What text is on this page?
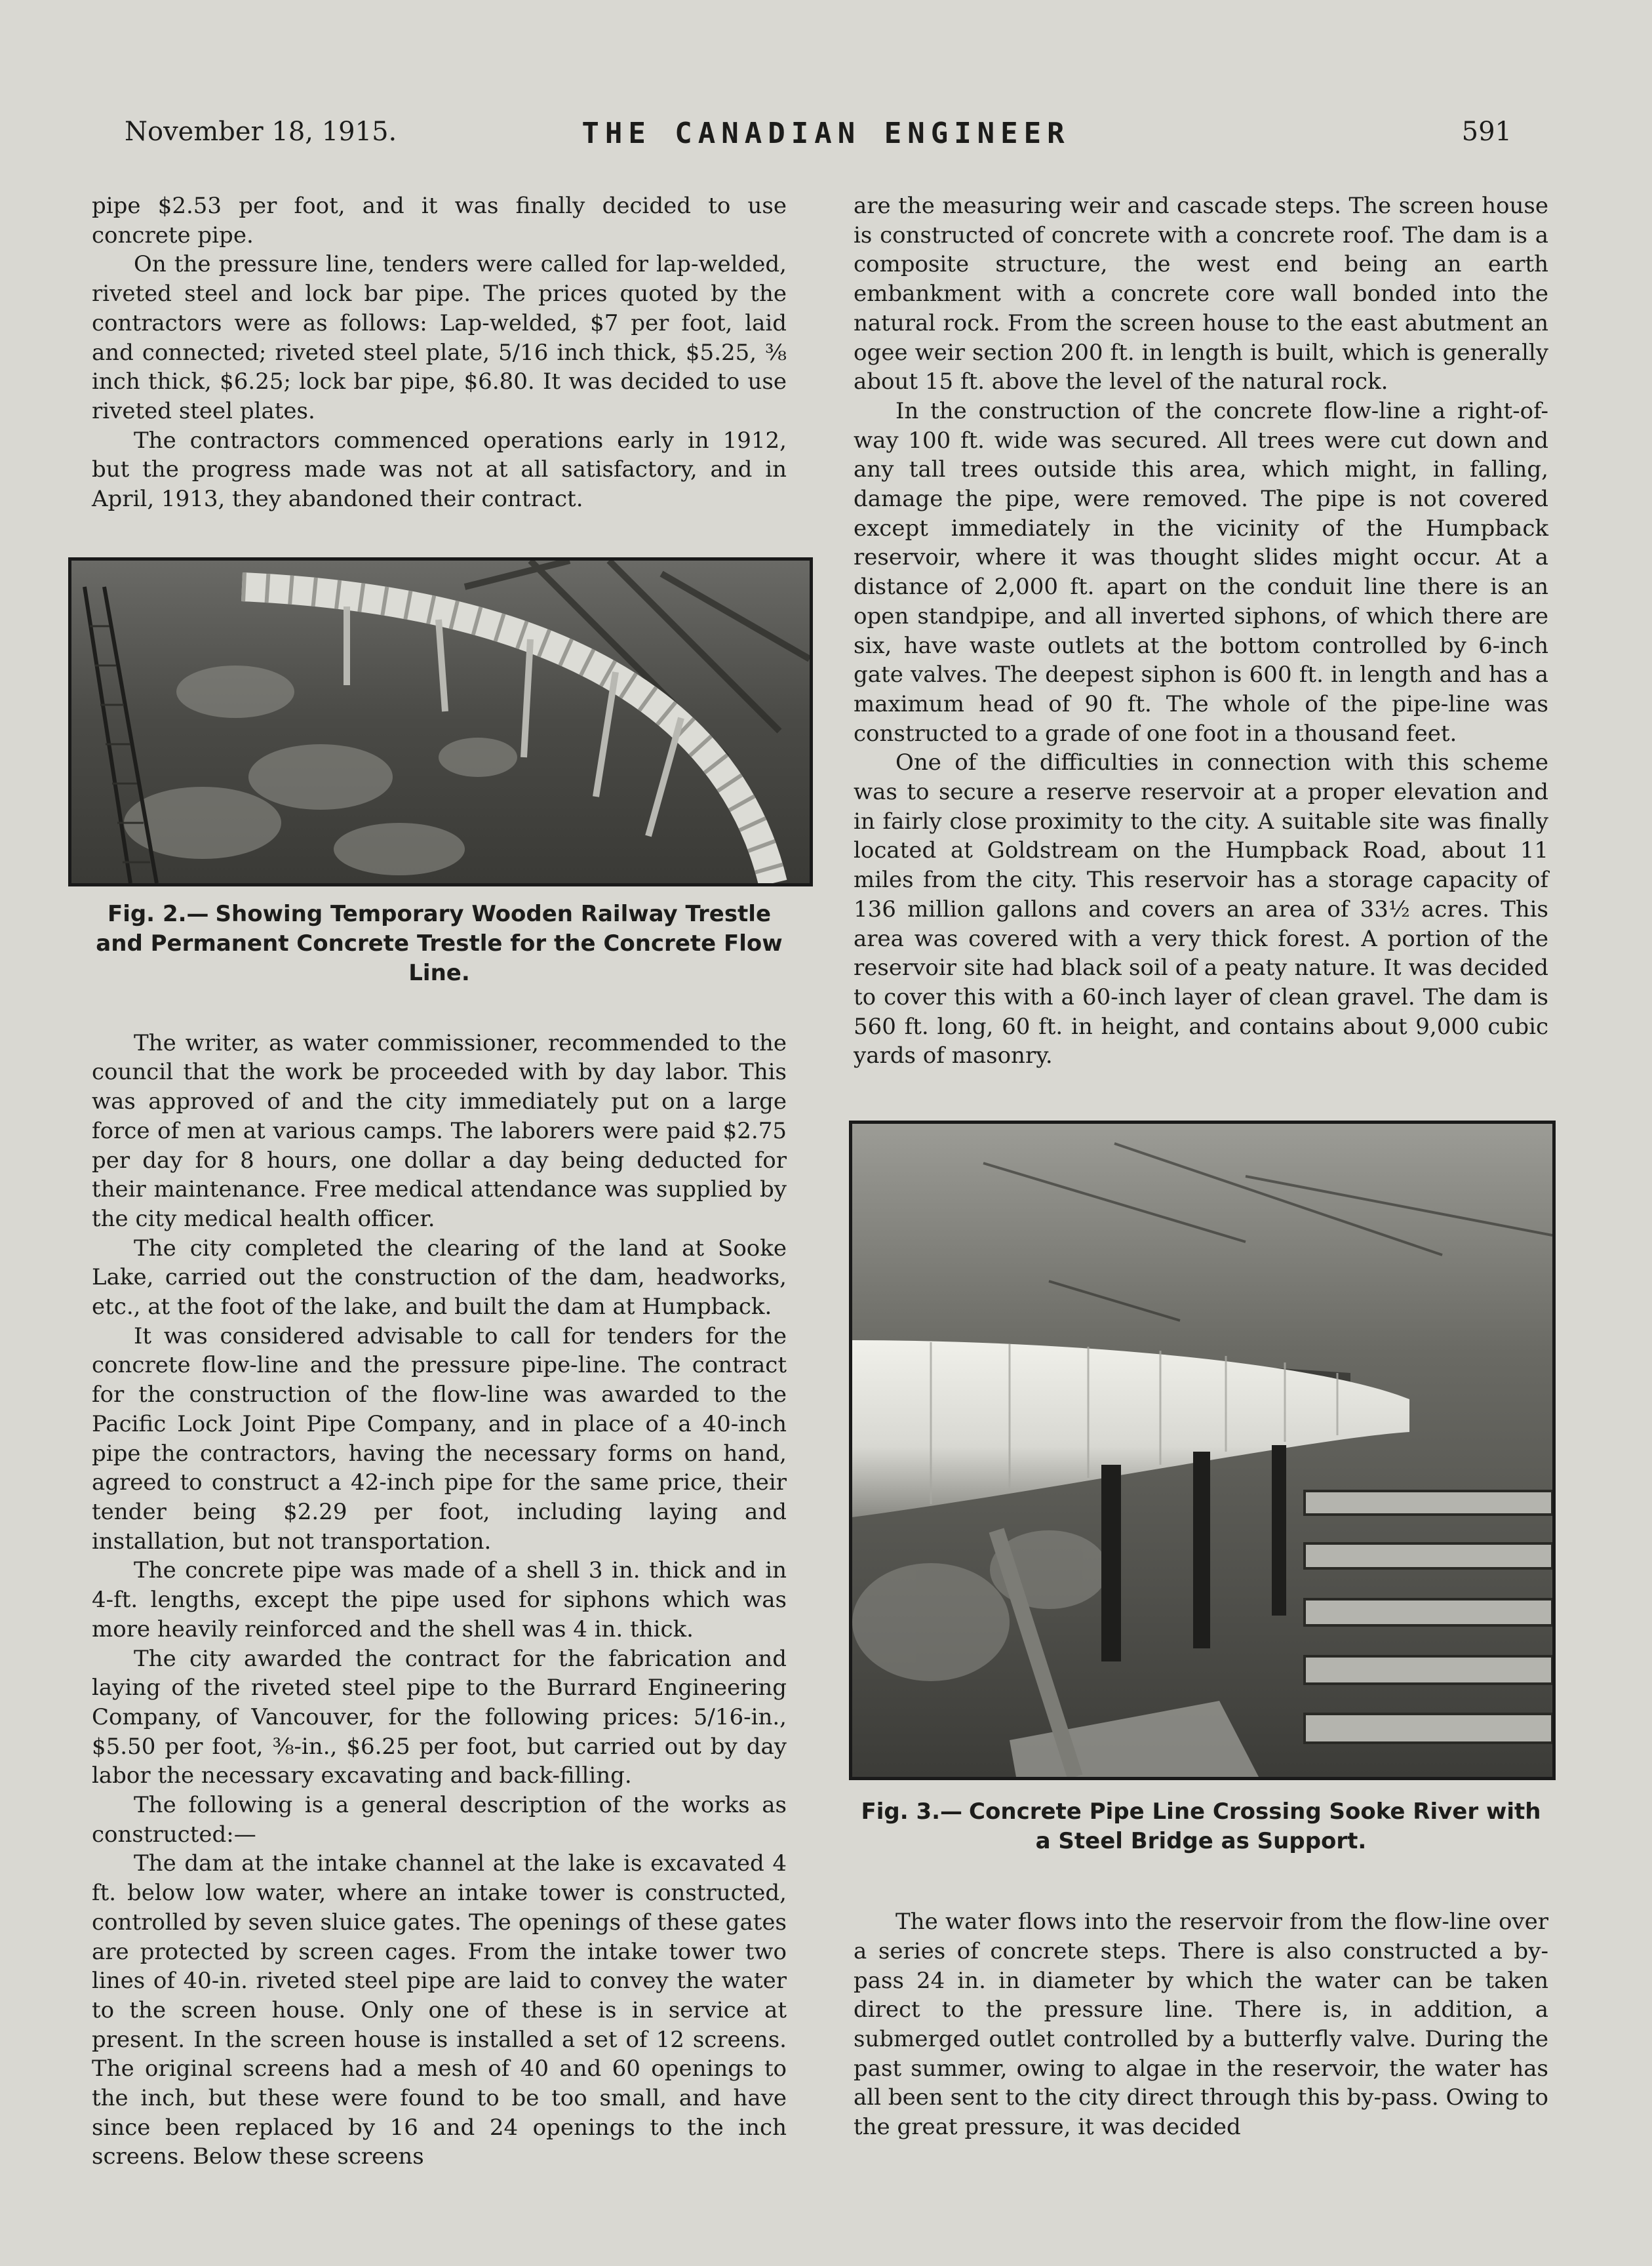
November 18, 1915.	THE CANADIAN ENGINEER	591

pipe $2.53 per foot, and it was finally decided to use concrete pipe.

On the pressure line, tenders were called for lap-welded, riveted steel and lock bar pipe. The prices quoted by the contractors were as follows: Lap-welded, $7 per foot, laid and connected; riveted steel plate, 5/16 inch thick, $5.25, ⅜ inch thick, $6.25; lock bar pipe, $6.80. It was decided to use riveted steel plates.

The contractors commenced operations early in 1912, but the progress made was not at all satisfactory, and in April, 1913, they abandoned their contract.

Fig. 2.— Showing Temporary Wooden Railway Trestle and Permanent Concrete Trestle for the Concrete Flow Line.

The writer, as water commissioner, recommended to the council that the work be proceeded with by day labor. This was approved of and the city immediately put on a large force of men at various camps. The laborers were paid $2.75 per day for 8 hours, one dollar a day being deducted for their maintenance. Free medical attendance was supplied by the city medical health officer.

The city completed the clearing of the land at Sooke Lake, carried out the construction of the dam, headworks, etc., at the foot of the lake, and built the dam at Humpback.

It was considered advisable to call for tenders for the concrete flow-line and the pressure pipe-line. The contract for the construction of the flow-line was awarded to the Pacific Lock Joint Pipe Company, and in place of a 40-inch pipe the contractors, having the necessary forms on hand, agreed to construct a 42-inch pipe for the same price, their tender being $2.29 per foot, including laying and installation, but not transportation.

The concrete pipe was made of a shell 3 in. thick and in 4-ft. lengths, except the pipe used for siphons which was more heavily reinforced and the shell was 4 in. thick.

The city awarded the contract for the fabrication and laying of the riveted steel pipe to the Burrard Engineering Company, of Vancouver, for the following prices: 5/16-in., $5.50 per foot, ⅜-in., $6.25 per foot, but carried out by day labor the necessary excavating and back-filling.

The following is a general description of the works as constructed:—

The dam at the intake channel at the lake is excavated 4 ft. below low water, where an intake tower is constructed, controlled by seven sluice gates. The openings of these gates are protected by screen cages. From the intake tower two lines of 40-in. riveted steel pipe are laid to convey the water to the screen house. Only one of these is in service at present. In the screen house is installed a set of 12 screens. The original screens had a mesh of 40 and 60 openings to the inch, but these were found to be too small, and have since been replaced by 16 and 24 openings to the inch screens. Below these screens

are the measuring weir and cascade steps. The screen house is constructed of concrete with a concrete roof. The dam is a composite structure, the west end being an earth embankment with a concrete core wall bonded into the natural rock. From the screen house to the east abutment an ogee weir section 200 ft. in length is built, which is generally about 15 ft. above the level of the natural rock.

In the construction of the concrete flow-line a right-of-way 100 ft. wide was secured. All trees were cut down and any tall trees outside this area, which might, in falling, damage the pipe, were removed. The pipe is not covered except immediately in the vicinity of the Humpback reservoir, where it was thought slides might occur. At a distance of 2,000 ft. apart on the conduit line there is an open standpipe, and all inverted siphons, of which there are six, have waste outlets at the bottom controlled by 6-inch gate valves. The deepest siphon is 600 ft. in length and has a maximum head of 90 ft. The whole of the pipe-line was constructed to a grade of one foot in a thousand feet.

One of the difficulties in connection with this scheme was to secure a reserve reservoir at a proper elevation and in fairly close proximity to the city. A suitable site was finally located at Goldstream on the Humpback Road, about 11 miles from the city. This reservoir has a storage capacity of 136 million gallons and covers an area of 33½ acres. This area was covered with a very thick forest. A portion of the reservoir site had black soil of a peaty nature. It was decided to cover this with a 60-inch layer of clean gravel. The dam is 560 ft. long, 60 ft. in height, and contains about 9,000 cubic yards of masonry.

Fig. 3.— Concrete Pipe Line Crossing Sooke River with a Steel Bridge as Support.

The water flows into the reservoir from the flow-line over a series of concrete steps. There is also constructed a by-pass 24 in. in diameter by which the water can be taken direct to the pressure line. There is, in addition, a submerged outlet controlled by a butterfly valve. During the past summer, owing to algae in the reservoir, the water has all been sent to the city direct through this by-pass. Owing to the great pressure, it was decided
